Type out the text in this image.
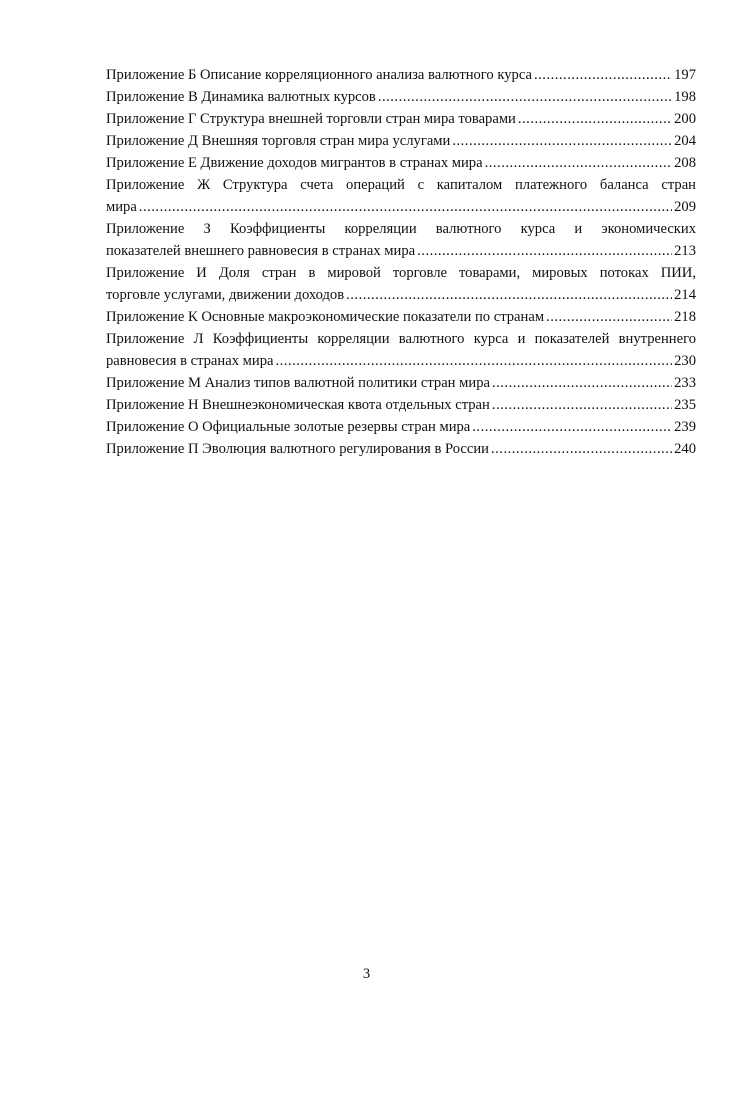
Приложение Б Описание корреляционного анализа валютного курса .....	197
Приложение В Динамика валютных курсов .....	198
Приложение Г Структура внешней торговли стран мира товарами .....	200
Приложение Д Внешняя торговля стран мира услугами .....	204
Приложение Е Движение доходов мигрантов в странах мира .....	208
Приложение Ж Структура счета операций с капиталом платежного баланса стран
мира .....	209
Приложение З Коэффициенты корреляции валютного курса и экономических
показателей внешнего равновесия в странах мира .....	213
Приложение И Доля стран в мировой торговле товарами, мировых потоках ПИИ,
торговле услугами, движении доходов .....	214
Приложение К Основные макроэкономические показатели по странам .....	218
Приложение Л Коэффициенты корреляции валютного курса и показателей внутреннего
равновесия в странах мира .....	230
Приложение М Анализ типов валютной политики стран мира .....	233
Приложение Н Внешнеэкономическая квота отдельных стран .....	235
Приложение О Официальные золотые резервы стран мира .....	239
Приложение П Эволюция валютного регулирования в России .....	240
3
